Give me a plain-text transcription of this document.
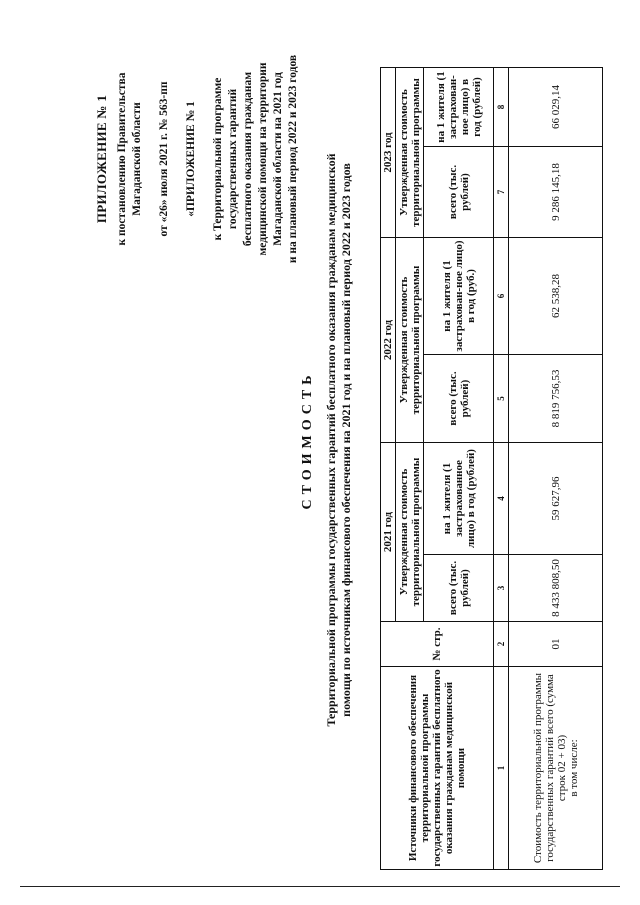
ПРИЛОЖЕНИЕ № 1 к постановлению Правительства Магаданской области от «26» июля 2021 г. № 563-пп «ПРИЛОЖЕНИЕ № 1 к Территориальной программе государственных гарантий бесплатного оказания гражданам медицинской помощи на территории Магаданской области на 2021 год и на плановый период 2022 и 2023 годов
СТОИМОСТЬ Территориальной программы государственных гарантий бесплатного оказания гражданам медицинской помощи по источникам финансового обеспечения на 2021 год и на плановый период 2022 и 2023 годов
Источники финансового обеспечения территориальной программы государственных гарантий бесплатного оказания гражданам медицинской помощи	№ стр.	2021 год		2022 год		2023 год	
		Утвержденная стоимость территориальной программы		Утвержденная стоимость территориальной программы		Утвержденная стоимость территориальной программы	
		всего (тыс. рублей)	на 1 жителя (1 застрахованное лицо) в год (рублей)	всего (тыс. рублей)	на 1 жителя (1 застрахован-ное лицо) в год (руб.)	всего (тыс. рублей)	на 1 жителя (1 застрахован-ное лицо) в год (рублей)
1	2	3	4	5	6	7	8

Стоимость территориальной программы государственных гарантий всего (сумма строк 02 + 03) в том числе:	01	8 433 808,50	59 627,96	8 819 756,53	62 538,28	9 286 145,18	66 029,14
